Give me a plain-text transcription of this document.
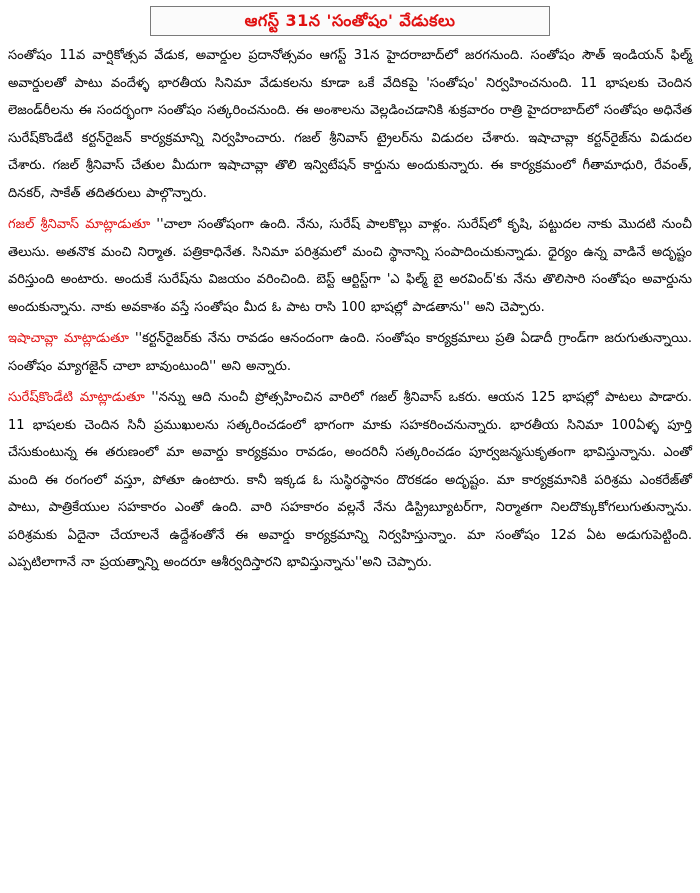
ఆగస్ట్ 31న 'సంతోషం' వేడుకలు

సంతోషం 11వ వార్షికోత్సవ వేడుక, అవార్డుల ప్రదానోత్సవం ఆగస్ట్ 31న హైదరాబాద్‌లో జరగనుంది. సంతోషం సౌత్ ఇండియన్ ఫిల్మ్ అవార్డులతో పాటు వందేళ్ళ భారతీయ సినిమా వేడుకలను కూడా ఒకే వేదికపై 'సంతోషం' నిర్వహించనుంది. 11 భాషలకు చెందిన లెజండ్‌రీలను ఈ సందర్భంగా సంతోషం సత్కరించనుంది. ఈ అంశాలను వెల్లడించడానికి శుక్రవారం రాత్రి హైదరాబాద్‌లో సంతోషం అధినేత సురేష్‌కొండేటి కర్టన్‌రైజన్ కార్యక్రమాన్ని నిర్వహించారు. గజల్ శ్రీనివాస్ ట్రైలర్‌ను విడుదల చేశారు. ఇషాచావ్లా కర్టన్‌రైజ్‌ను విడుదల చేశారు. గజల్ శ్రీనివాస్ చేతుల మీదుగా ఇషాచావ్లా తొలి ఇన్విటేషన్ కార్డును అందుకున్నారు. ఈ కార్యక్రమంలో గీతామాధురి, రేవంత్, దినకర్, సాకేత్ తదితరులు పాల్గొన్నారు.

గజల్ శ్రీనివాస్ మాట్లాడుతూ ''చాలా సంతోషంగా ఉంది. నేను, సురేష్ పాలకొల్లు వాళ్లం. సురేష్‌లో కృషి, పట్టుదల నాకు మొదటి నుంచీ తెలుసు. అతనొక మంచి నిర్మాత. పత్రికాధినేత. సినిమా పరిశ్రమలో మంచి స్థానాన్ని సంపాదించుకున్నాడు. ధైర్యం ఉన్న వాడినే అదృష్టం వరిస్తుంది అంటారు. అందుకే సురేష్‌ను విజయం వరించింది. బెస్ట్ ఆర్టిస్ట్‌గా 'ఎ ఫిల్మ్ బై అరవింద్'కు నేను తొలిసారి సంతోషం అవార్డును అందుకున్నాను. నాకు అవకాశం వస్తే సంతోషం మీద ఓ పాట రాసి 100 భాషల్లో పాడతాను'' అని చెప్పారు.

ఇషాచావ్లా మాట్లాడుతూ ''కర్టన్‌రైజర్‌కు నేను రావడం ఆనందంగా ఉంది. సంతోషం కార్యక్రమాలు ప్రతి ఏడాదీ గ్రాండ్‌గా జరుగుతున్నాయి. సంతోషం మ్యాగజైన్ చాలా బావుంటుంది'' అని అన్నారు.

సురేష్‌కొండేటి మాట్లాడుతూ ''నన్ను ఆది నుంచీ ప్రోత్సహించిన వారిలో గజల్ శ్రీనివాస్ ఒకరు. ఆయన 125 భాషల్లో పాటలు పాడారు. 11 భాషలకు చెందిన సినీ ప్రముఖులను సత్కరించడంలో భాగంగా మాకు సహకరించనున్నారు. భారతీయ సినిమా 100ఏళ్ళ పూర్తి చేసుకుంటున్న ఈ తరుణంలో మా అవార్డు కార్యక్రమం రావడం, అందరినీ సత్కరించడం పూర్వజన్మసుకృతంగా భావిస్తున్నాను. ఎంతో మంది ఈ రంగంలో వస్తూ, పోతూ ఉంటారు. కానీ ఇక్కడ ఓ సుస్థిరస్థానం దొరకడం అదృష్టం. మా కార్యక్రమానికి పరిశ్రమ ఎంకరేజ్‌తో పాటు, పాత్రికేయుల సహకారం ఎంతో ఉంది. వారి సహకారం వల్లనే నేను డిస్ట్రిబ్యూటర్‌గా, నిర్మాతగా నిలదొక్కుకోగలుగుతున్నాను. పరిశ్రమకు ఏదైనా చేయాలనే ఉద్దేశంతోనే ఈ అవార్డు కార్యక్రమాన్ని నిర్వహిస్తున్నాం. మా సంతోషం 12వ ఏట అడుగుపెట్టింది. ఎప్పటిలాగానే నా ప్రయత్నాన్ని అందరూ ఆశీర్వదిస్తారని భావిస్తున్నాను''అని చెప్పారు.
